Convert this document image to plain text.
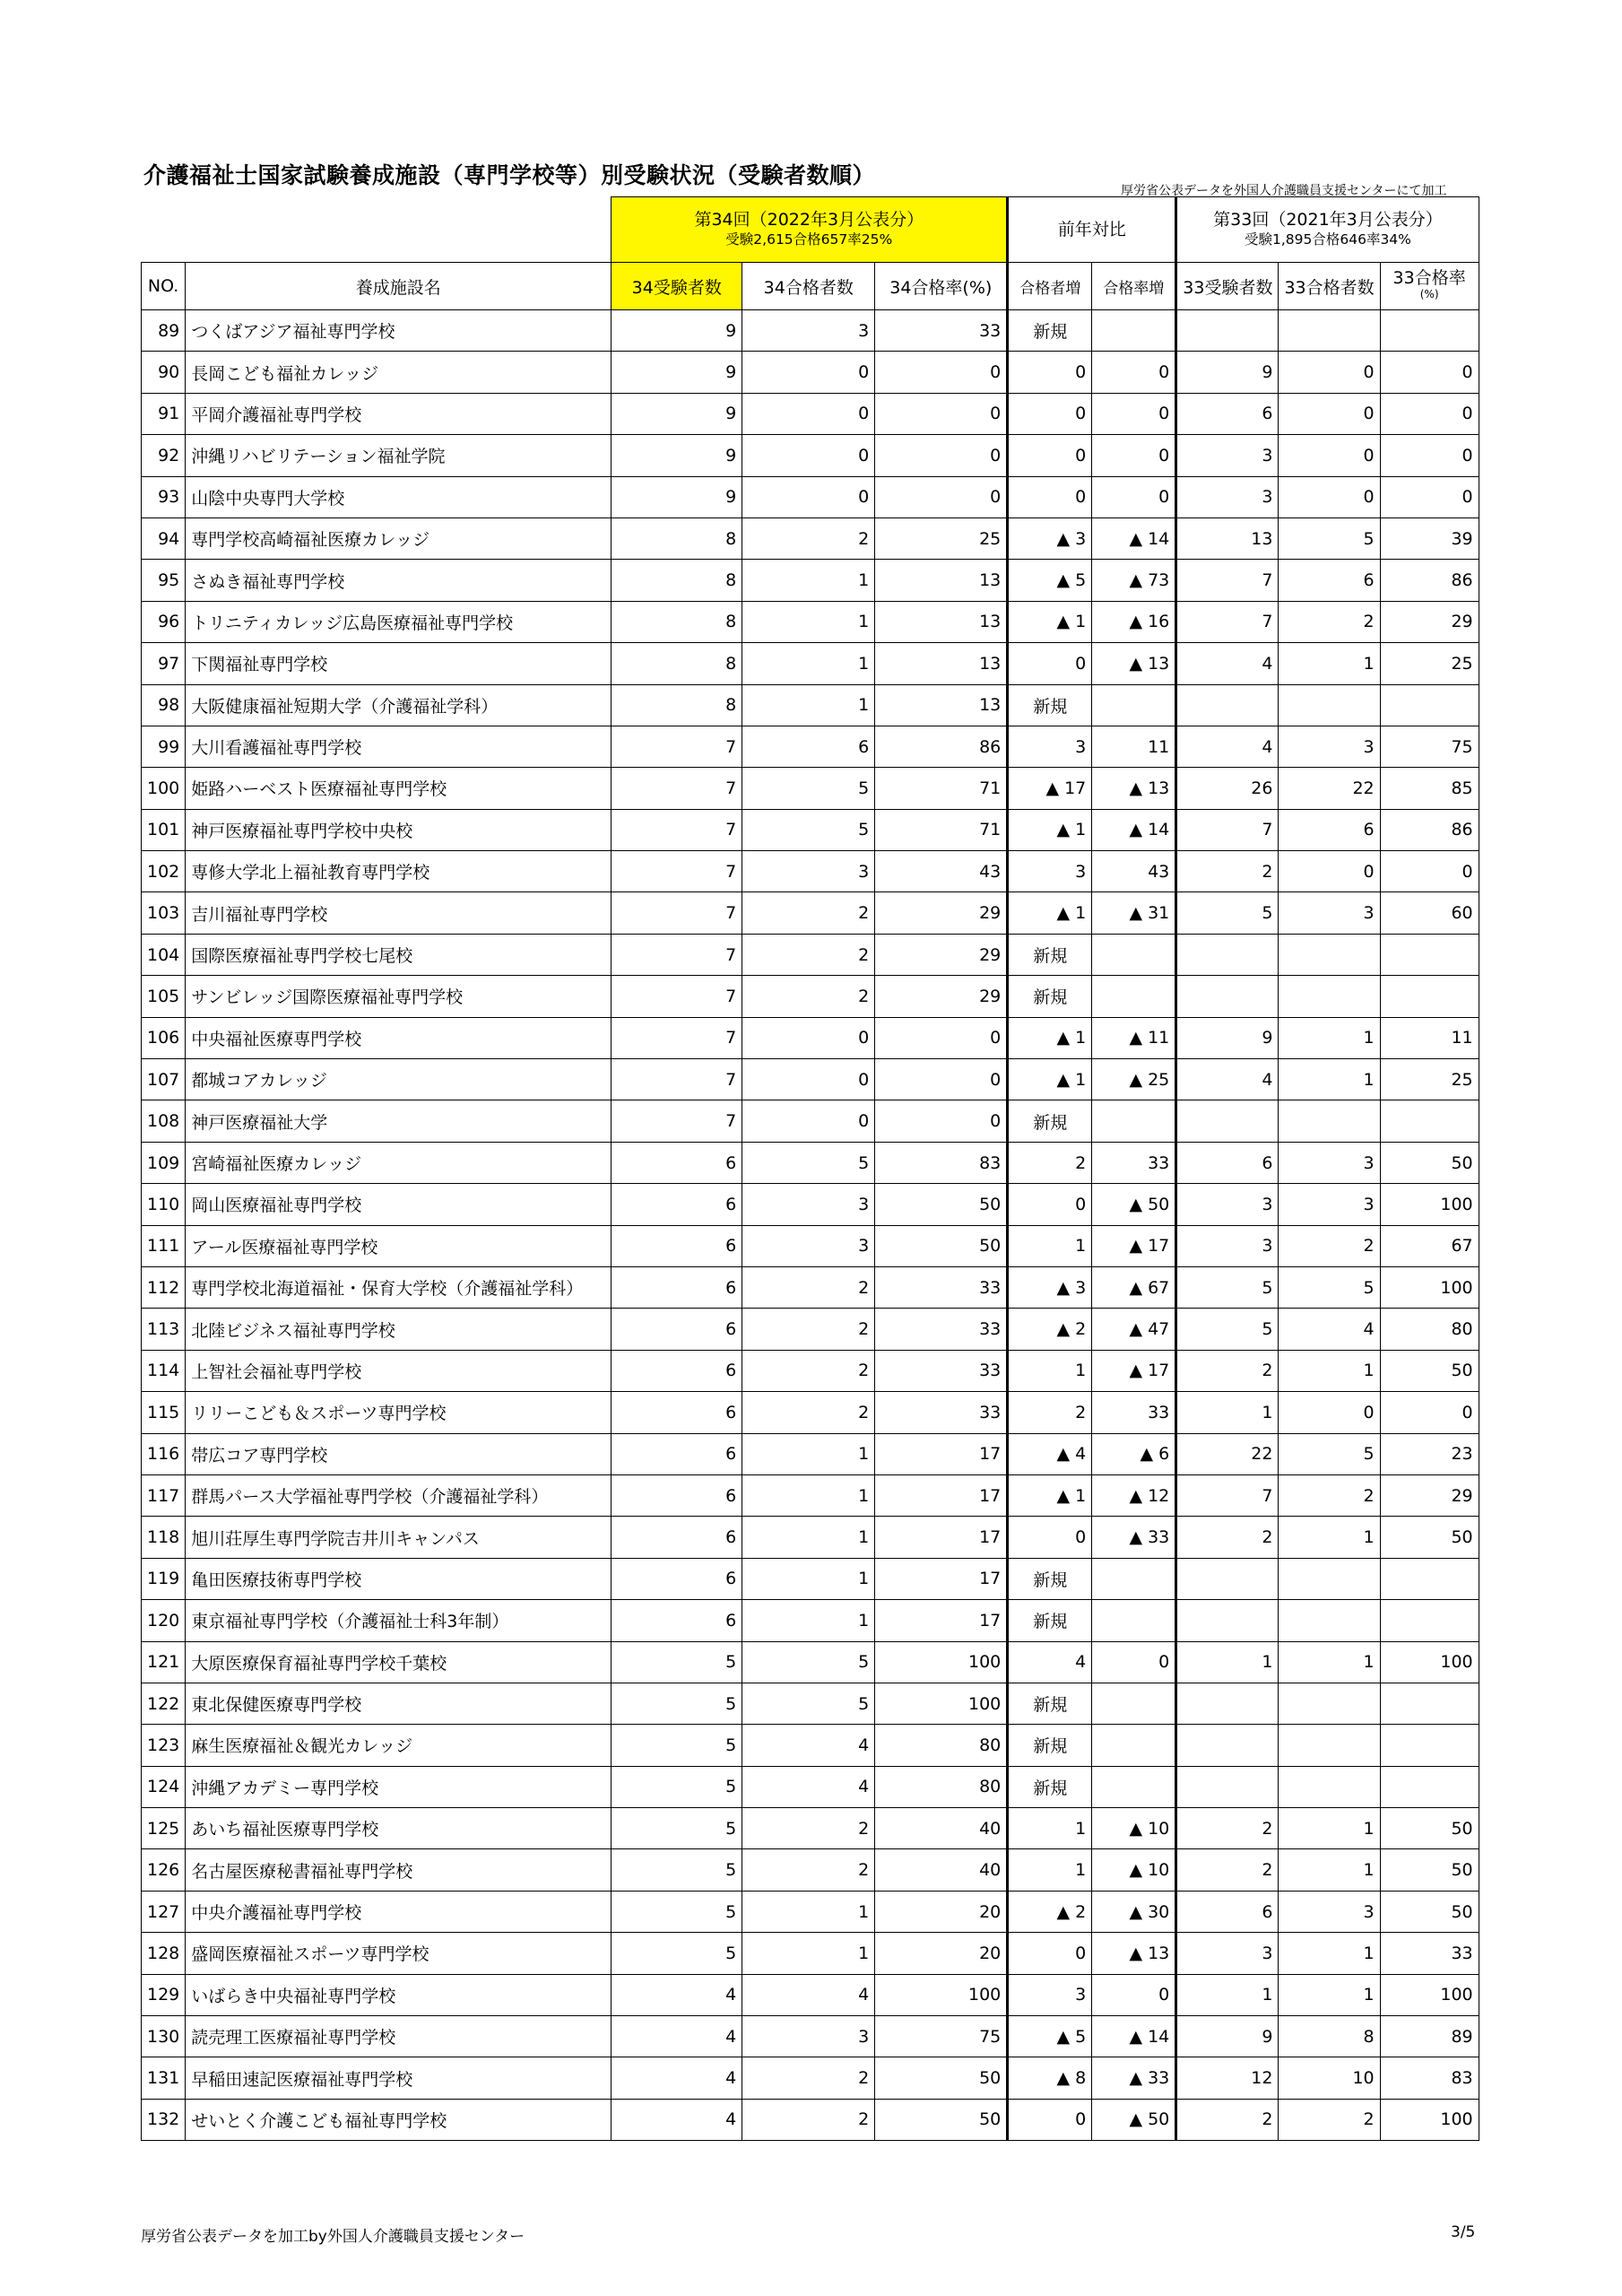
介護福祉士国家試験養成施設（専門学校等）別受験状況（受験者数順）
厚労省公表データを外国人介護職員支援センターにて加工
		第34回（2022年3月公表分）
受験2,615合格657率25%			前年対比		第33回（2021年3月公表分）
受験1,895合格646率34%		

NO.	養成施設名	34受験者数	34合格者数	34合格率(%)	合格者増	合格率増	33受験者数	33合格者数	33合格率
(%)
89	つくばアジア福祉専門学校	9	3	33	新規				
90	長岡こども福祉カレッジ	9	0	0	0	0	9	0	0
91	平岡介護福祉専門学校	9	0	0	0	0	6	0	0
92	沖縄リハビリテーション福祉学院	9	0	0	0	0	3	0	0
93	山陰中央専門大学校	9	0	0	0	0	3	0	0
94	専門学校高崎福祉医療カレッジ	8	2	25	▲ 3	▲ 14	13	5	39
95	さぬき福祉専門学校	8	1	13	▲ 5	▲ 73	7	6	86
96	トリニティカレッジ広島医療福祉専門学校	8	1	13	▲ 1	▲ 16	7	2	29
97	下関福祉専門学校	8	1	13	0	▲ 13	4	1	25
98	大阪健康福祉短期大学（介護福祉学科）	8	1	13	新規				
99	大川看護福祉専門学校	7	6	86	3	11	4	3	75
100	姫路ハーベスト医療福祉専門学校	7	5	71	▲ 17	▲ 13	26	22	85
101	神戸医療福祉専門学校中央校	7	5	71	▲ 1	▲ 14	7	6	86
102	専修大学北上福祉教育専門学校	7	3	43	3	43	2	0	0
103	吉川福祉専門学校	7	2	29	▲ 1	▲ 31	5	3	60
104	国際医療福祉専門学校七尾校	7	2	29	新規				
105	サンビレッジ国際医療福祉専門学校	7	2	29	新規				
106	中央福祉医療専門学校	7	0	0	▲ 1	▲ 11	9	1	11
107	都城コアカレッジ	7	0	0	▲ 1	▲ 25	4	1	25
108	神戸医療福祉大学	7	0	0	新規				
109	宮崎福祉医療カレッジ	6	5	83	2	33	6	3	50
110	岡山医療福祉専門学校	6	3	50	0	▲ 50	3	3	100
111	アール医療福祉専門学校	6	3	50	1	▲ 17	3	2	67
112	専門学校北海道福祉・保育大学校（介護福祉学科）	6	2	33	▲ 3	▲ 67	5	5	100
113	北陸ビジネス福祉専門学校	6	2	33	▲ 2	▲ 47	5	4	80
114	上智社会福祉専門学校	6	2	33	1	▲ 17	2	1	50
115	リリーこども＆スポーツ専門学校	6	2	33	2	33	1	0	0
116	帯広コア専門学校	6	1	17	▲ 4	▲ 6	22	5	23
117	群馬パース大学福祉専門学校（介護福祉学科）	6	1	17	▲ 1	▲ 12	7	2	29
118	旭川荘厚生専門学院吉井川キャンパス	6	1	17	0	▲ 33	2	1	50
119	亀田医療技術専門学校	6	1	17	新規				
120	東京福祉専門学校（介護福祉士科3年制）	6	1	17	新規				
121	大原医療保育福祉専門学校千葉校	5	5	100	4	0	1	1	100
122	東北保健医療専門学校	5	5	100	新規				
123	麻生医療福祉＆観光カレッジ	5	4	80	新規				
124	沖縄アカデミー専門学校	5	4	80	新規				
125	あいち福祉医療専門学校	5	2	40	1	▲ 10	2	1	50
126	名古屋医療秘書福祉専門学校	5	2	40	1	▲ 10	2	1	50
127	中央介護福祉専門学校	5	1	20	▲ 2	▲ 30	6	3	50
128	盛岡医療福祉スポーツ専門学校	5	1	20	0	▲ 13	3	1	33
129	いばらき中央福祉専門学校	4	4	100	3	0	1	1	100
130	読売理工医療福祉専門学校	4	3	75	▲ 5	▲ 14	9	8	89
131	早稲田速記医療福祉専門学校	4	2	50	▲ 8	▲ 33	12	10	83
132	せいとく介護こども福祉専門学校	4	2	50	0	▲ 50	2	2	100
厚労省公表データを加工by外国人介護職員支援センター	3/5
